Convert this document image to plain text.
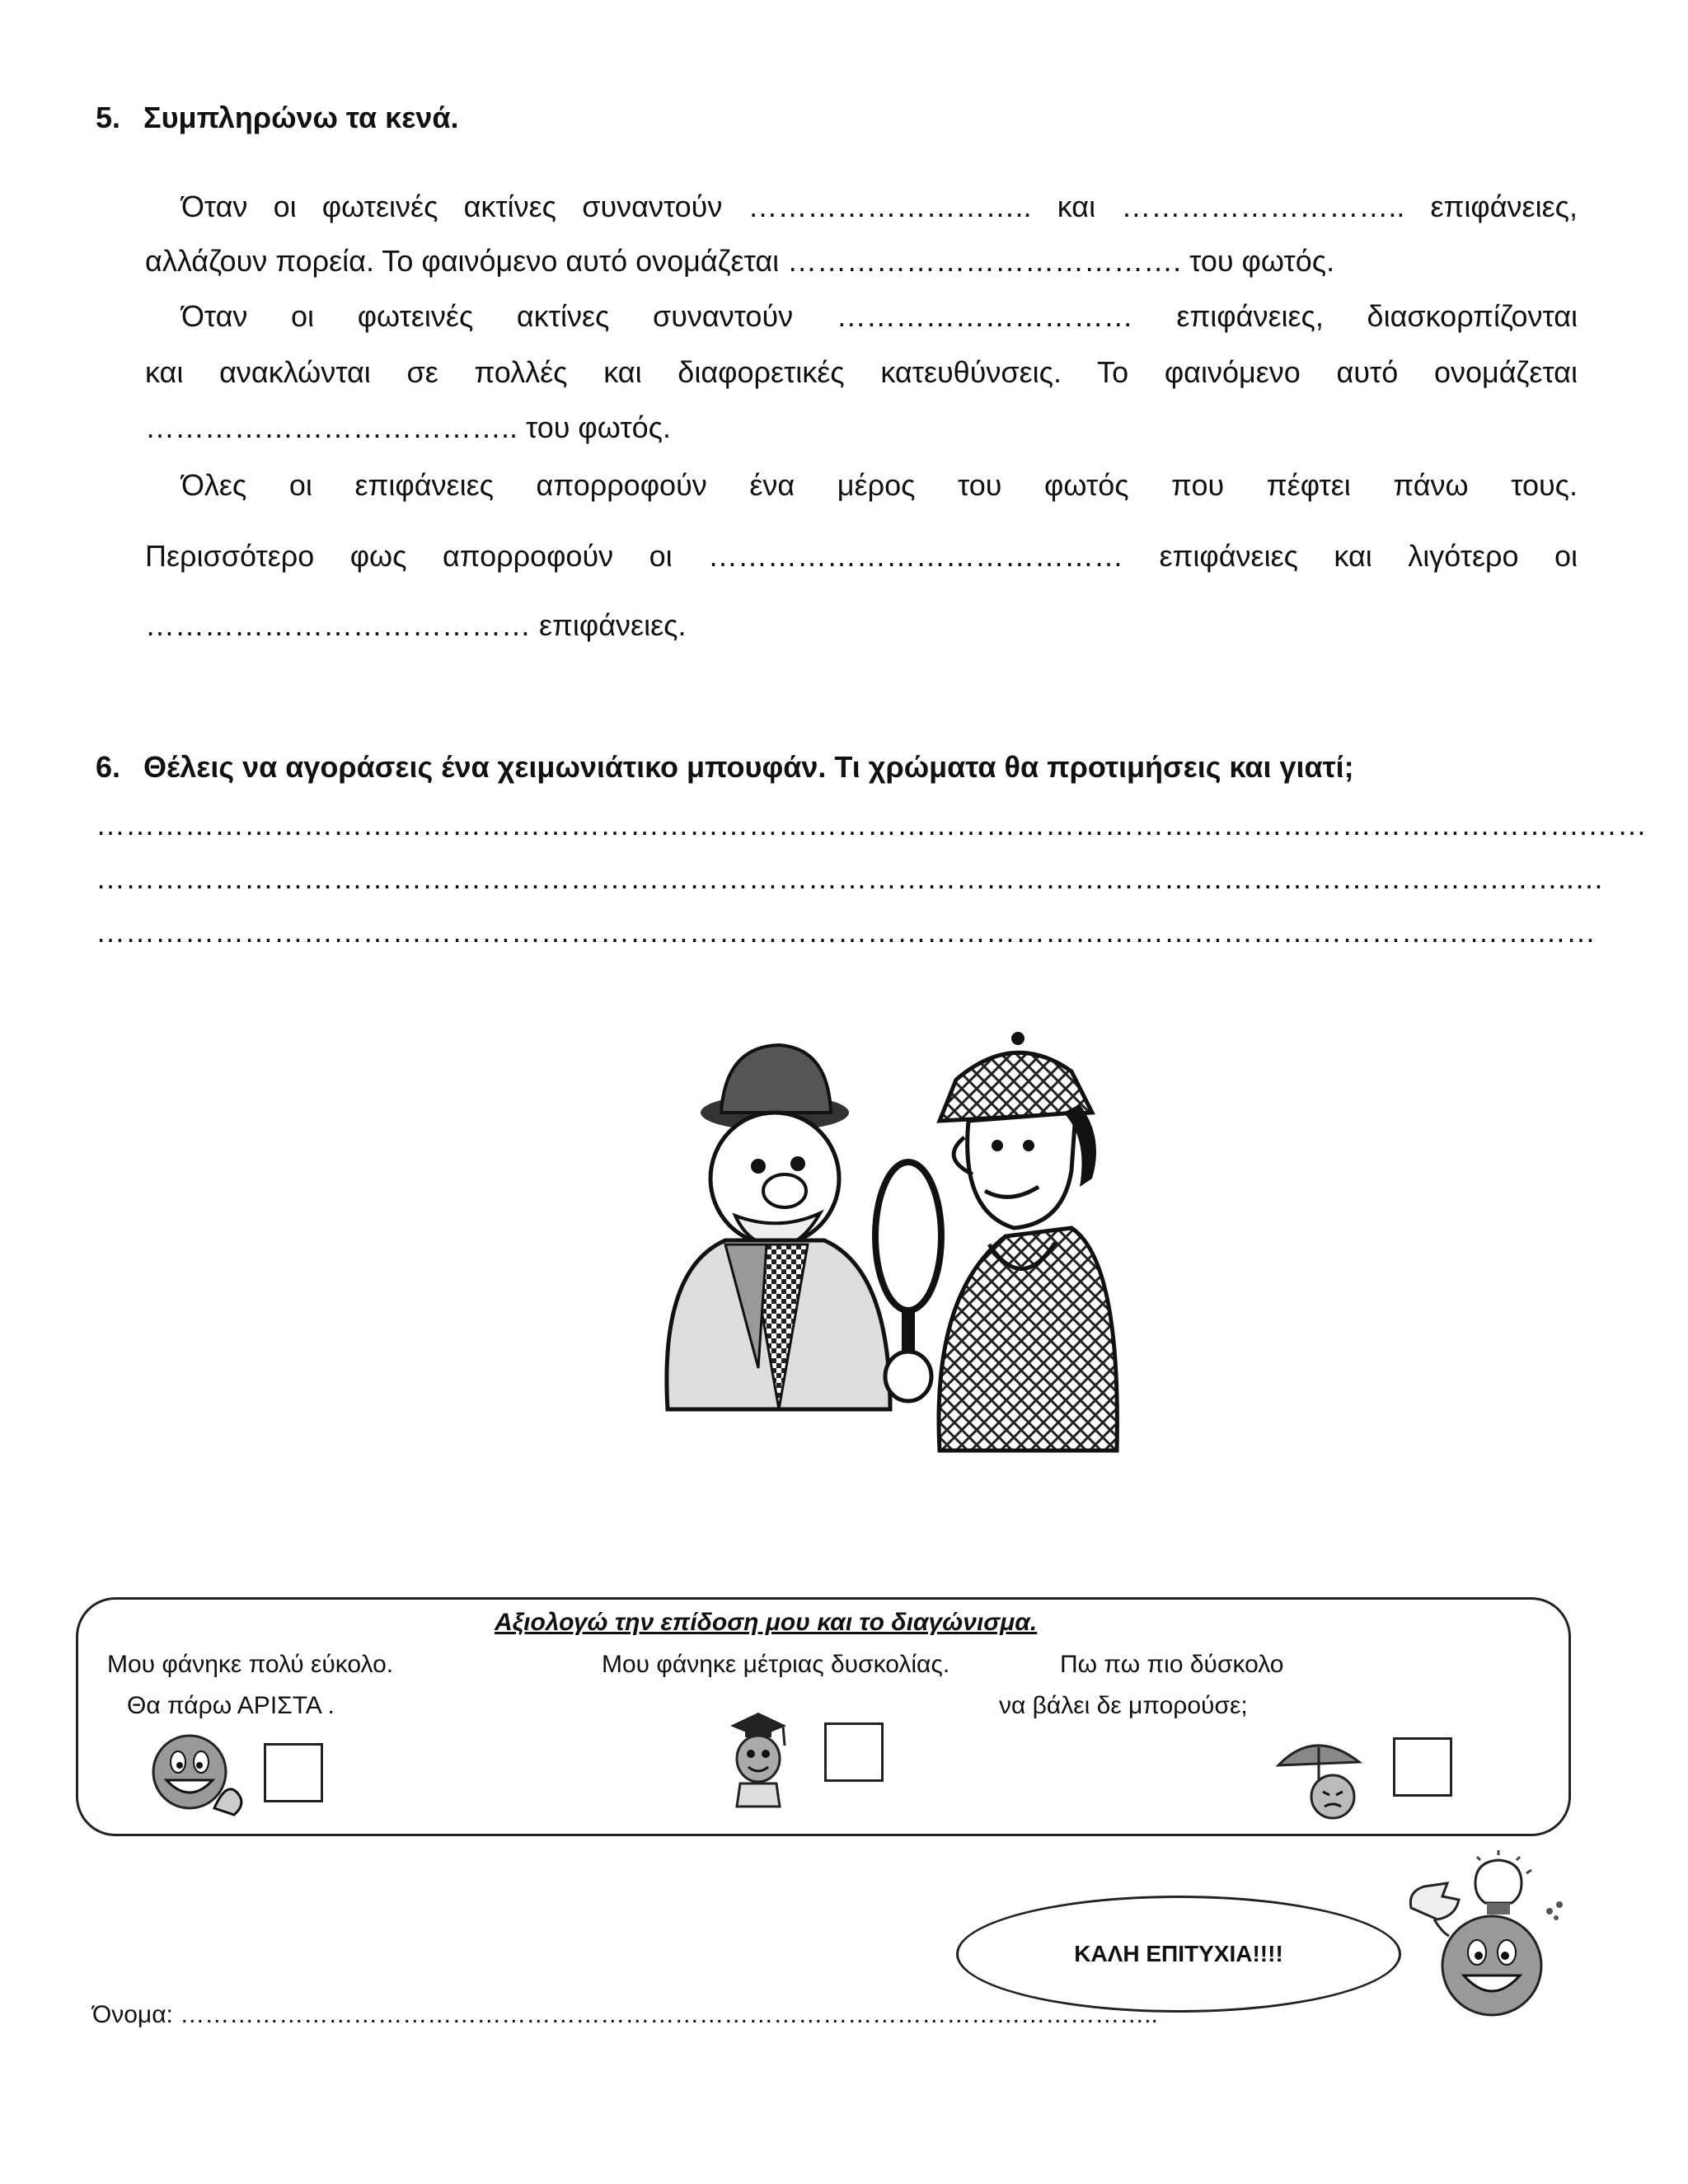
5. Συμπληρώνω τα κενά.
Όταν οι φωτεινές ακτίνες συναντούν ……………………….. και ……………………….. επιφάνειες,
αλλάζουν πορεία. Το φαινόμενο αυτό ονομάζεται …………………………………. του φωτός.
Όταν οι φωτεινές ακτίνες συναντούν ………………………… επιφάνειες, διασκορπίζονται
και ανακλώνται σε πολλές και διαφορετικές κατευθύνσεις. Το φαινόμενο αυτό ονομάζεται
……………………………….. του φωτός.
Όλες οι επιφάνειες απορροφούν ένα μέρος του φωτός που πέφτει πάνω τους.
Περισσότερο φως απορροφούν οι …………………………………… επιφάνειες και λιγότερο οι
………………………………… επιφάνειες.
6. Θέλεις να αγοράσεις ένα χειμωνιάτικο μπουφάν. Τι χρώματα θα προτιμήσεις και γιατί;
…………………………………………………………………………………………………………………………………….……
…………………………………………………………………………………………………………………………….……..…
……………………………………………………………………………………………………………………….……….……
Αξιολογώ την επίδοση μου και το διαγώνισμα.
Μου φάνηκε πολύ εύκολο.
Θα πάρω ΑΡΙΣΤΑ .
Μου φάνηκε μέτριας δυσκολίας.	Πω πω πιο δύσκολο
να βάλει δε μπορούσε;
ΚΑΛΗ ΕΠΙΤΥΧΙΑ!!!!
Όνομα: ………………………………………………………………………………………………………..
